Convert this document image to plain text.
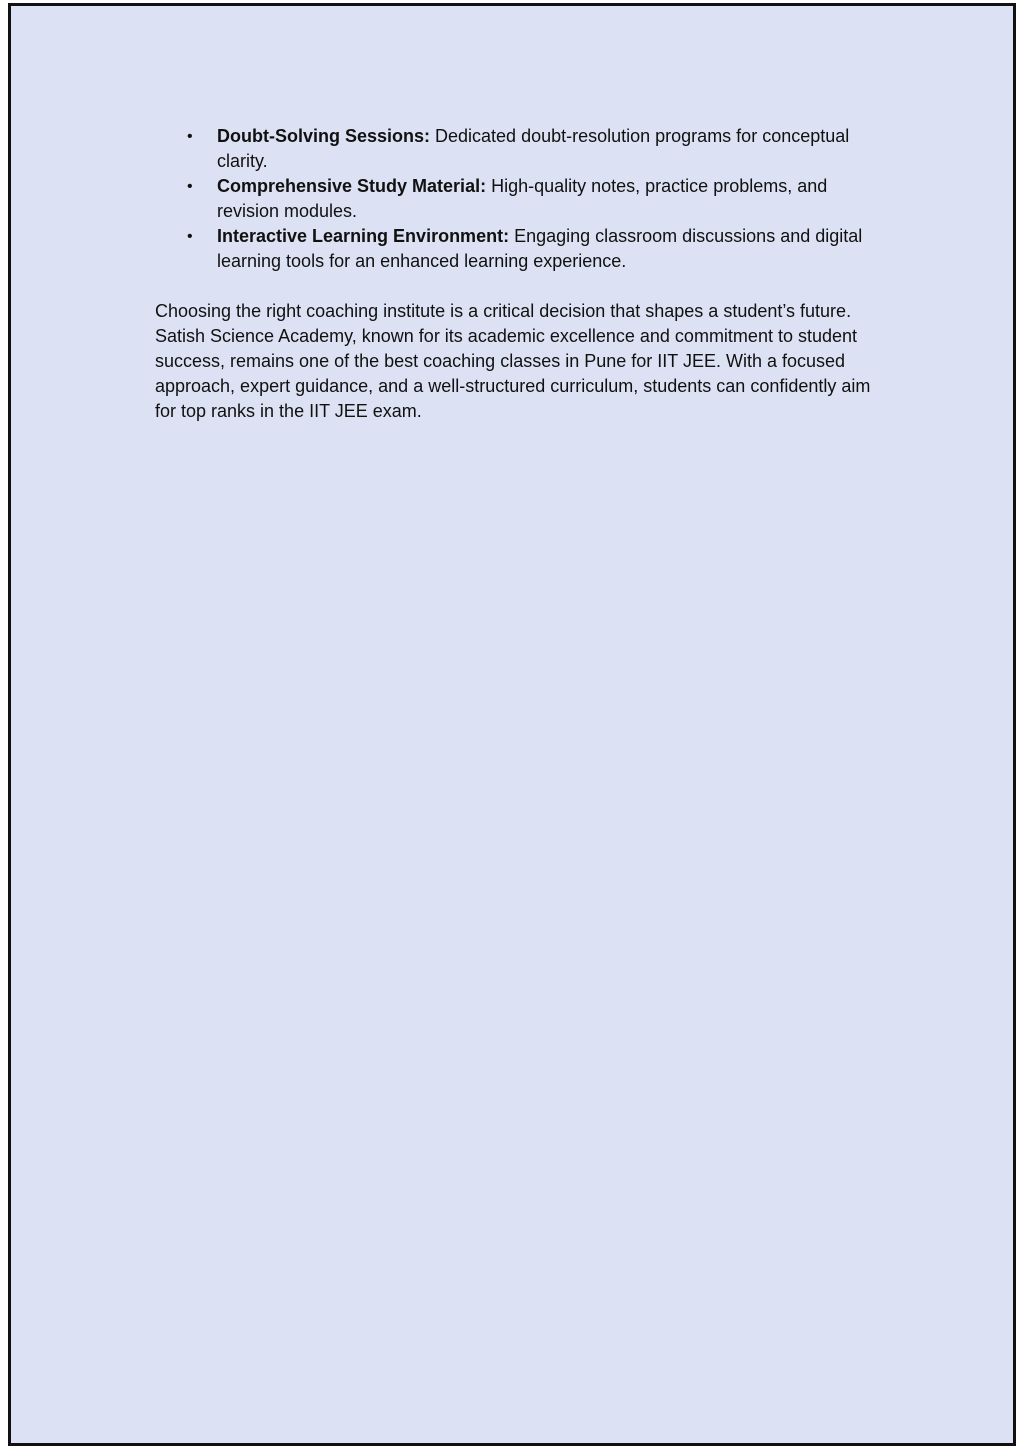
• Doubt-Solving Sessions: Dedicated doubt-resolution programs for conceptual clarity.
• Comprehensive Study Material: High-quality notes, practice problems, and revision modules.
• Interactive Learning Environment: Engaging classroom discussions and digital learning tools for an enhanced learning experience.

Choosing the right coaching institute is a critical decision that shapes a student’s future. Satish Science Academy, known for its academic excellence and commitment to student success, remains one of the best coaching classes in Pune for IIT JEE. With a focused approach, expert guidance, and a well-structured curriculum, students can confidently aim for top ranks in the IIT JEE exam.
